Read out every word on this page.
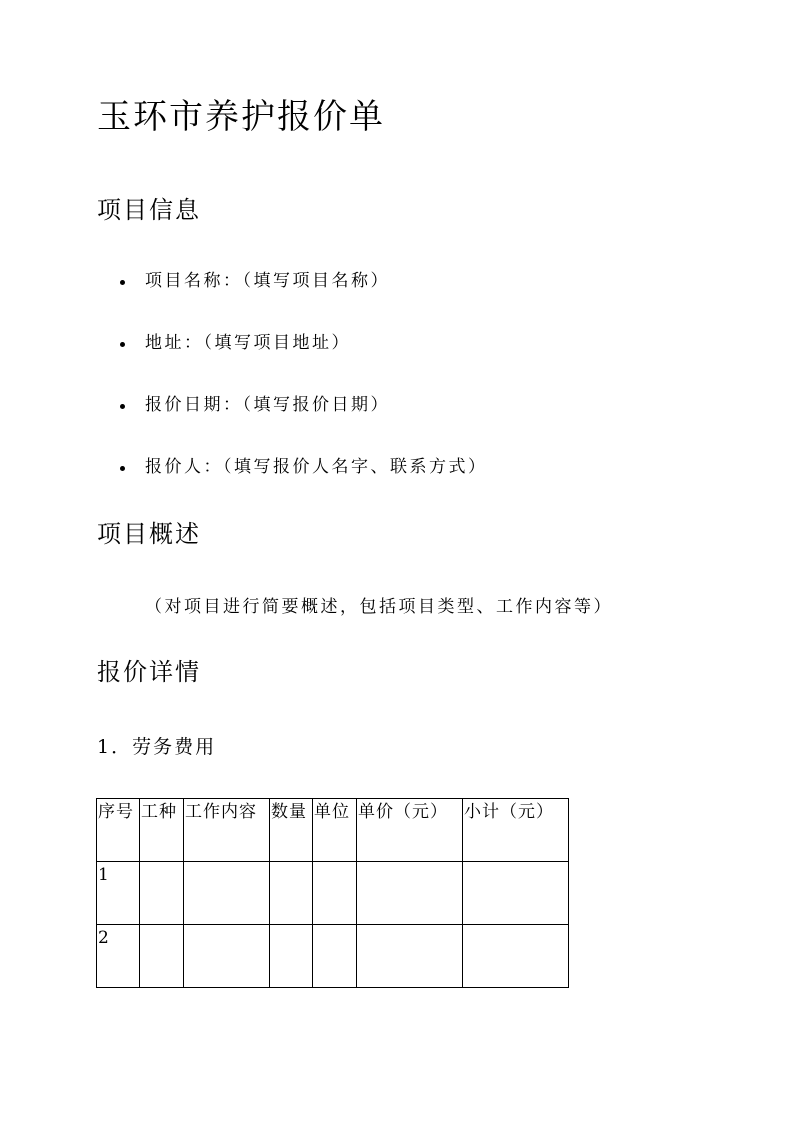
玉环市养护报价单
项目信息
项目名称：（填写项目名称）
地址：（填写项目地址）
报价日期：（填写报价日期）
报价人：（填写报价人名字、联系方式）
项目概述

（对项目进行简要概述，包括项目类型、工作内容等）

报价详情
1．劳务费用
序号	工种	工作内容	数量	单位	单价（元）	小计（元）
1						
2						
